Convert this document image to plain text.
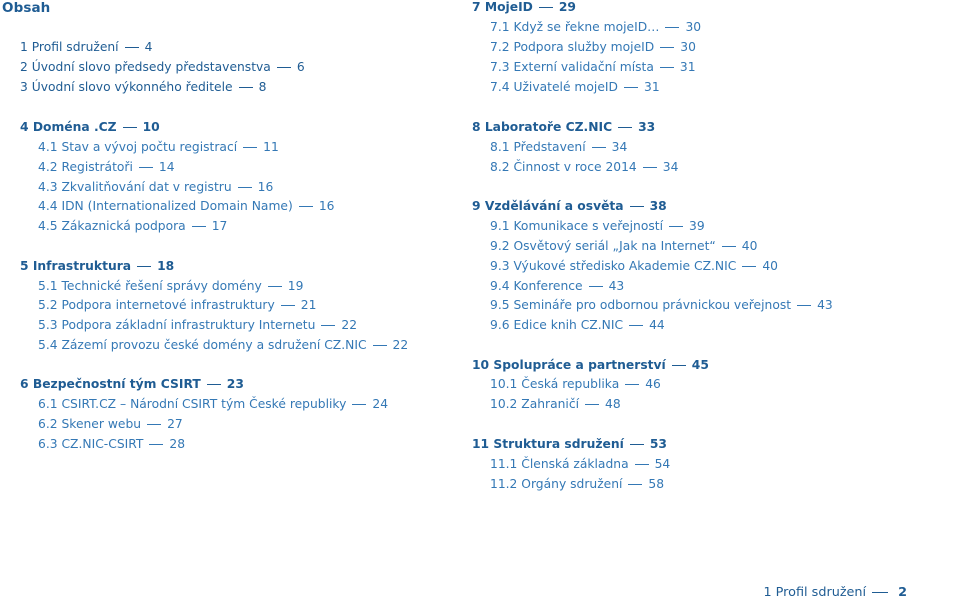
Obsah
1 Profil sdružení 4
2 Úvodní slovo předsedy představenstva 6
3 Úvodní slovo výkonného ředitele 8
4 Doména .CZ 10
4.1 Stav a vývoj počtu registrací 11
4.2 Registrátoři 14
4.3 Zkvalitňování dat v registru 16
4.4 IDN (Internationalized Domain Name) 16
4.5 Zákaznická podpora 17
5 Infrastruktura 18
5.1 Technické řešení správy domény 19
5.2 Podpora internetové infrastruktury 21
5.3 Podpora základní infrastruktury Internetu 22
5.4 Zázemí provozu české domény a sdružení CZ.NIC 22
6 Bezpečnostní tým CSIRT 23
6.1 CSIRT.CZ – Národní CSIRT tým České republiky 24
6.2 Skener webu 27
6.3 CZ.NIC-CSIRT 28
7 MojeID 29
7.1 Když se řekne mojeID… 30
7.2 Podpora služby mojeID 30
7.3 Externí validační místa 31
7.4 Uživatelé mojeID 31
8 Laboratoře CZ.NIC 33
8.1 Představení 34
8.2 Činnost v roce 2014 34
9 Vzdělávání a osvěta 38
9.1 Komunikace s veřejností 39
9.2 Osvětový seriál „Jak na Internet“ 40
9.3 Výukové středisko Akademie CZ.NIC 40
9.4 Konference 43
9.5 Semináře pro odbornou právnickou veřejnost 43
9.6 Edice knih CZ.NIC 44
10 Spolupráce a partnerství 45
10.1 Česká republika 46
10.2 Zahraničí 48
11 Struktura sdružení 53
11.1 Členská základna 54
11.2 Orgány sdružení 58
1 Profil sdružení	2
